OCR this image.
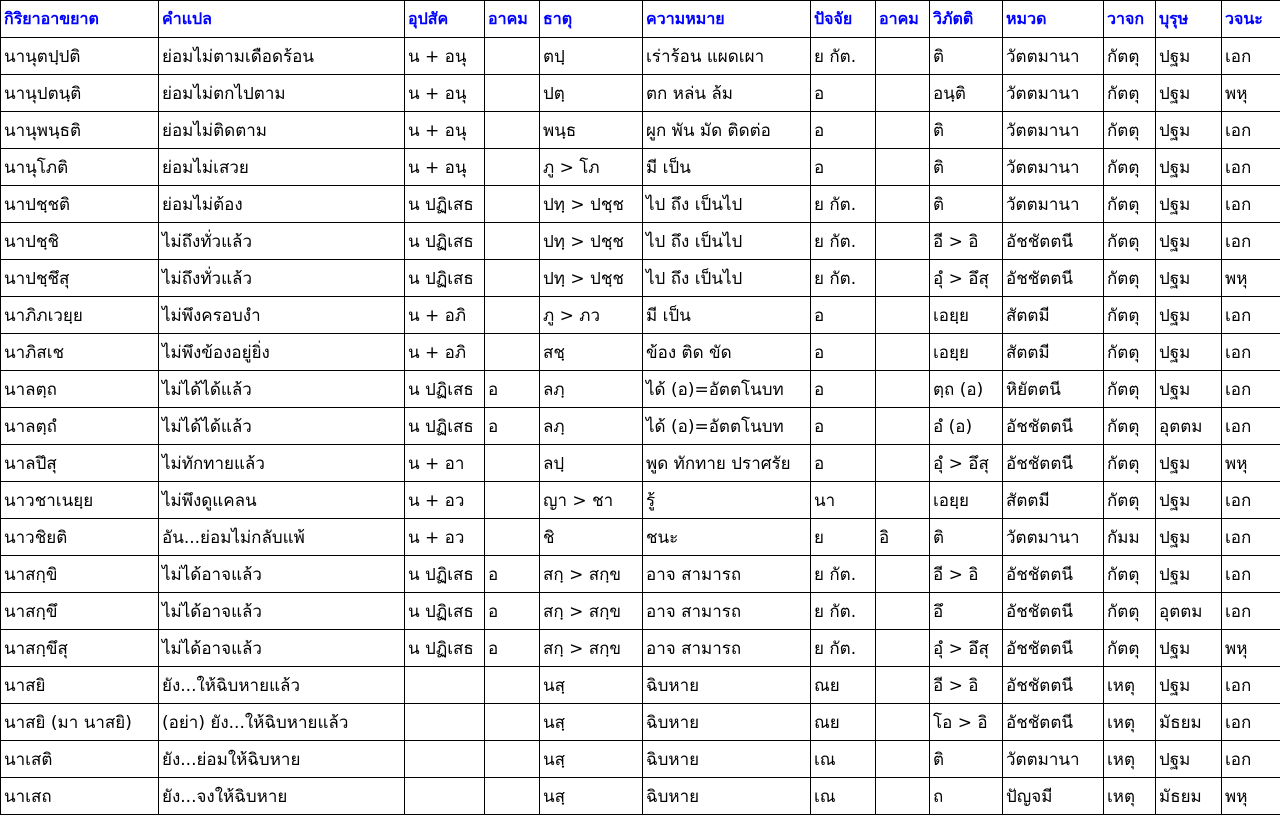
กิริยาอาขยาต	คำแปล	อุปสัค	อาคม	ธาตุ	ความหมาย	ปัจจัย	อาคม	วิภัตติ	หมวด	วาจก	บุรุษ	วจนะ
นานุตปฺปติ	ย่อมไม่ตามเดือดร้อน	น + อนุ		ตปฺ	เร่าร้อน แผดเผา	ย กัต.		ติ	วัตตมานา	กัตตุ	ปฐม	เอก
นานุปตนฺติ	ย่อมไม่ตกไปตาม	น + อนุ		ปตฺ	ตก หล่น ล้ม	อ		อนฺติ	วัตตมานา	กัตตุ	ปฐม	พหุ
นานุพนฺธติ	ย่อมไม่ติดตาม	น + อนุ		พนฺธ	ผูก พัน มัด ติดต่อ	อ		ติ	วัตตมานา	กัตตุ	ปฐม	เอก
นานุโภติ	ย่อมไม่เสวย	น + อนุ		ภู > โภ	มี เป็น	อ		ติ	วัตตมานา	กัตตุ	ปฐม	เอก
นาปชฺชติ	ย่อมไม่ต้อง	น ปฏิเสธ		ปทฺ > ปชฺช	ไป ถึง เป็นไป	ย กัต.		ติ	วัตตมานา	กัตตุ	ปฐม	เอก
นาปชฺชิ	ไม่ถึงทั่วแล้ว	น ปฏิเสธ		ปทฺ > ปชฺช	ไป ถึง เป็นไป	ย กัต.		อี > อิ	อัชชัตตนี	กัตตุ	ปฐม	เอก
นาปชฺชึสุ	ไม่ถึงทั่วแล้ว	น ปฏิเสธ		ปทฺ > ปชฺช	ไป ถึง เป็นไป	ย กัต.		อุํ > อึสุ	อัชชัตตนี	กัตตุ	ปฐม	พหุ
นาภิภเวยฺย	ไม่พึงครอบงำ	น + อภิ		ภู > ภว	มี เป็น	อ		เอยฺย	สัตตมี	กัตตุ	ปฐม	เอก
นาภิสเช	ไม่พึงข้องอยู่ยิ่ง	น + อภิ		สชฺ	ข้อง ติด ขัด	อ		เอยฺย	สัตตมี	กัตตุ	ปฐม	เอก
นาลตฺถ	ไม่ได้ได้แล้ว	น ปฏิเสธ	อ	ลภฺ	ได้ (อ)=อัตตโนบท	อ		ตฺถ (อ)	หิยัตตนี	กัตตุ	ปฐม	เอก
นาลตฺถํ	ไม่ได้ได้แล้ว	น ปฏิเสธ	อ	ลภฺ	ได้ (อ)=อัตตโนบท	อ		อํ (อ)	อัชชัตตนี	กัตตุ	อุตตม	เอก
นาลปึสุ	ไม่ทักทายแล้ว	น + อา		ลปฺ	พูด ทักทาย ปราศรัย	อ		อุํ > อึสุ	อัชชัตตนี	กัตตุ	ปฐม	พหุ
นาวชาเนยฺย	ไม่พึงดูแคลน	น + อว		ญา > ชา	รู้	นา		เอยฺย	สัตตมี	กัตตุ	ปฐม	เอก
นาวชิยติ	อัน...ย่อมไม่กลับแพ้	น + อว		ชิ	ชนะ	ย	อิ	ติ	วัตตมานา	กัมม	ปฐม	เอก
นาสกฺขิ	ไม่ได้อาจแล้ว	น ปฏิเสธ	อ	สกฺ > สกฺข	อาจ สามารถ	ย กัต.		อี > อิ	อัชชัตตนี	กัตตุ	ปฐม	เอก
นาสกฺขึ	ไม่ได้อาจแล้ว	น ปฏิเสธ	อ	สกฺ > สกฺข	อาจ สามารถ	ย กัต.		อึ	อัชชัตตนี	กัตตุ	อุตตม	เอก
นาสกฺขึสุ	ไม่ได้อาจแล้ว	น ปฏิเสธ	อ	สกฺ > สกฺข	อาจ สามารถ	ย กัต.		อุํ > อึสุ	อัชชัตตนี	กัตตุ	ปฐม	พหุ
นาสยิ	ยัง...ให้ฉิบหายแล้ว			นสฺ	ฉิบหาย	ณย		อี > อิ	อัชชัตตนี	เหตุ	ปฐม	เอก
นาสยิ (มา นาสยิ)	(อย่า) ยัง...ให้ฉิบหายแล้ว			นสฺ	ฉิบหาย	ณย		โอ > อิ	อัชชัตตนี	เหตุ	มัธยม	เอก
นาเสติ	ยัง...ย่อมให้ฉิบหาย			นสฺ	ฉิบหาย	เณ		ติ	วัตตมานา	เหตุ	ปฐม	เอก
นาเสถ	ยัง...จงให้ฉิบหาย			นสฺ	ฉิบหาย	เณ		ถ	ปัญจมี	เหตุ	มัธยม	พหุ
